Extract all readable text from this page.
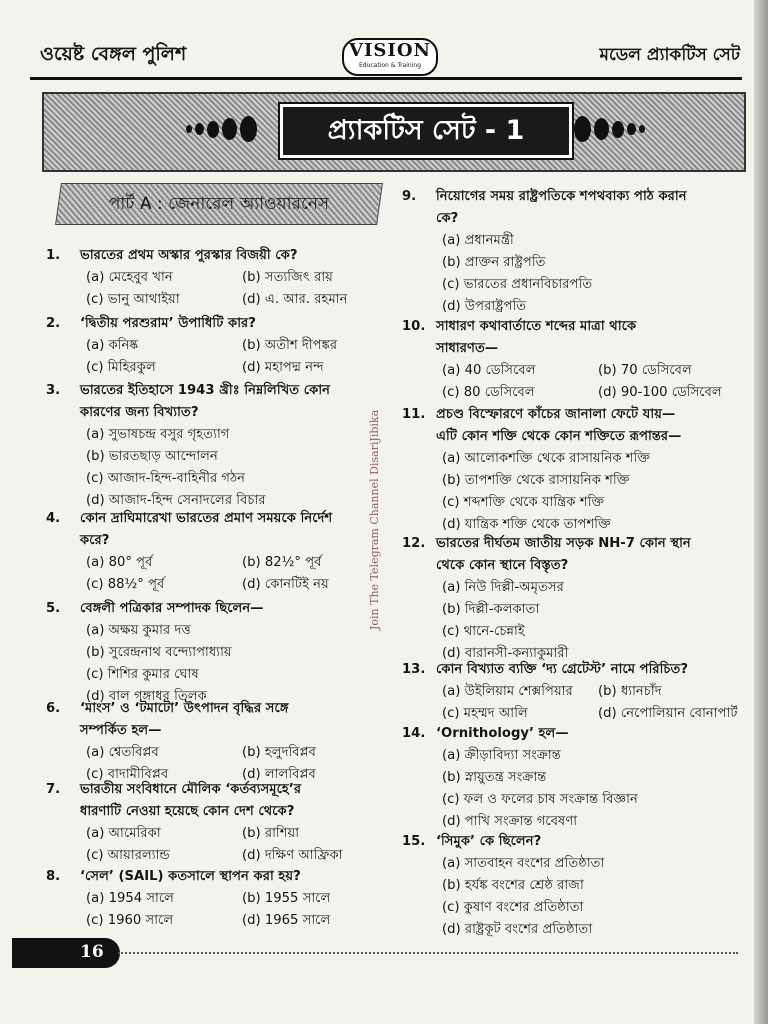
ওয়েষ্ট বেঙ্গল পুলিশ	VISION
Education & Training
মডেল প্র্যাকটিস সেট
প্র্যাকটিস সেট - 1
পার্ট A : জেনারেল অ্যাওয়ারনেস
Join The Telegram Channel DisariJibika
1. ভারতের প্রথম অস্কার পুরস্কার বিজয়ী কে?
(a) মেহেবুব খান	(b) সত্যজিৎ রায়
(c) ভানু আথাইয়া	(d) এ. আর. রহমান
2. ‘দ্বিতীয় পরশুরাম’ উপাধিটি কার?
(a) কনিষ্ক	(b) অতীশ দীপঙ্কর
(c) মিহিরকুল	(d) মহাপদ্ম নন্দ
3. ভারতের ইতিহাসে 1943 খ্রীঃ নিম্নলিখিত কোন
কারণের জন্য বিখ্যাত?
(a) সুভাষচন্দ্র বসুর গৃহত্যাগ
(b) ভারতছাড় আন্দোলন
(c) আজাদ-হিন্দ-বাহিনীর গঠন
(d) আজাদ-হিন্দ সেনাদলের বিচার
4. কোন দ্রাঘিমারেখা ভারতের প্রমাণ সময়কে নির্দেশ
করে?
(a) 80° পূর্ব	(b) 82½° পূর্ব
(c) 88½° পূর্ব	(d) কোনটিই নয়
5. বেঙ্গলী পত্রিকার সম্পাদক ছিলেন—
(a) অক্ষয় কুমার দত্ত
(b) সুরেন্দ্রনাথ বন্দ্যোপাধ্যায়
(c) শিশির কুমার ঘোষ
(d) বাল গঙ্গাধর তিলক
6. ‘মাংস’ ও ‘টমাটো’ উৎপাদন বৃদ্ধির সঙ্গে
সম্পর্কিত হল—
(a) শ্বেতবিপ্লব	(b) হলুদবিপ্লব
(c) বাদামীবিপ্লব	(d) লালবিপ্লব
7. ভারতীয় সংবিধানে মৌলিক ‘কর্তব্যসমূহে’র
ধারণাটি নেওয়া হয়েছে কোন দেশ থেকে?
(a) আমেরিকা	(b) রাশিয়া
(c) আয়ারল্যান্ড	(d) দক্ষিণ আফ্রিকা
8. ‘সেল’ (SAIL) কতসালে স্থাপন করা হয়?
(a) 1954 সালে	(b) 1955 সালে
(c) 1960 সালে	(d) 1965 সালে
9. নিয়োগের সময় রাষ্ট্রপতিকে শপথবাক্য পাঠ করান
কে?
(a) প্রধানমন্ত্রী
(b) প্রাক্তন রাষ্ট্রপতি
(c) ভারতের প্রধানবিচারপতি
(d) উপরাষ্ট্রপতি
10. সাধারণ কথাবার্তাতে শব্দের মাত্রা থাকে
সাধারণত—
(a) 40 ডেসিবেল	(b) 70 ডেসিবেল
(c) 80 ডেসিবেল	(d) 90-100 ডেসিবেল
11. প্রচণ্ড বিস্ফোরণে কাঁচের জানালা ফেটে যায়—
এটি কোন শক্তি থেকে কোন শক্তিতে রূপান্তর—
(a) আলোকশক্তি থেকে রাসায়নিক শক্তি
(b) তাপশক্তি থেকে রাসায়নিক শক্তি
(c) শব্দশক্তি থেকে যান্ত্রিক শক্তি
(d) যান্ত্রিক শক্তি থেকে তাপশক্তি
12. ভারতের দীর্ঘতম জাতীয় সড়ক NH-7 কোন স্থান
থেকে কোন স্থানে বিস্তৃত?
(a) নিউ দিল্লী-অমৃতসর
(b) দিল্লী-কলকাতা
(c) থানে-চেন্নাই
(d) বারানসী-কন্যাকুমারী
13. কোন বিখ্যাত ব্যক্তি ‘দ্য গ্রেটেস্ট’ নামে পরিচিত?
(a) উইলিয়াম শেক্সপিয়ার (b) ধ্যানচাঁদ
(c) মহম্মদ আলি	(d) নেপোলিয়ান বোনাপার্ট
14. ‘Ornithology’ হল—
(a) ক্রীড়াবিদ্যা সংক্রান্ত
(b) স্নায়ুতন্ত্র সংক্রান্ত
(c) ফল ও ফলের চাষ সংক্রান্ত বিজ্ঞান
(d) পাখি সংক্রান্ত গবেষণা
15. ‘সিমুক’ কে ছিলেন?
(a) সাতবাহন বংশের প্রতিষ্ঠাতা
(b) হর্যঙ্ক বংশের শ্রেষ্ঠ রাজা
(c) কুষাণ বংশের প্রতিষ্ঠাতা
(d) রাষ্ট্রকূট বংশের প্রতিষ্ঠাতা
16
